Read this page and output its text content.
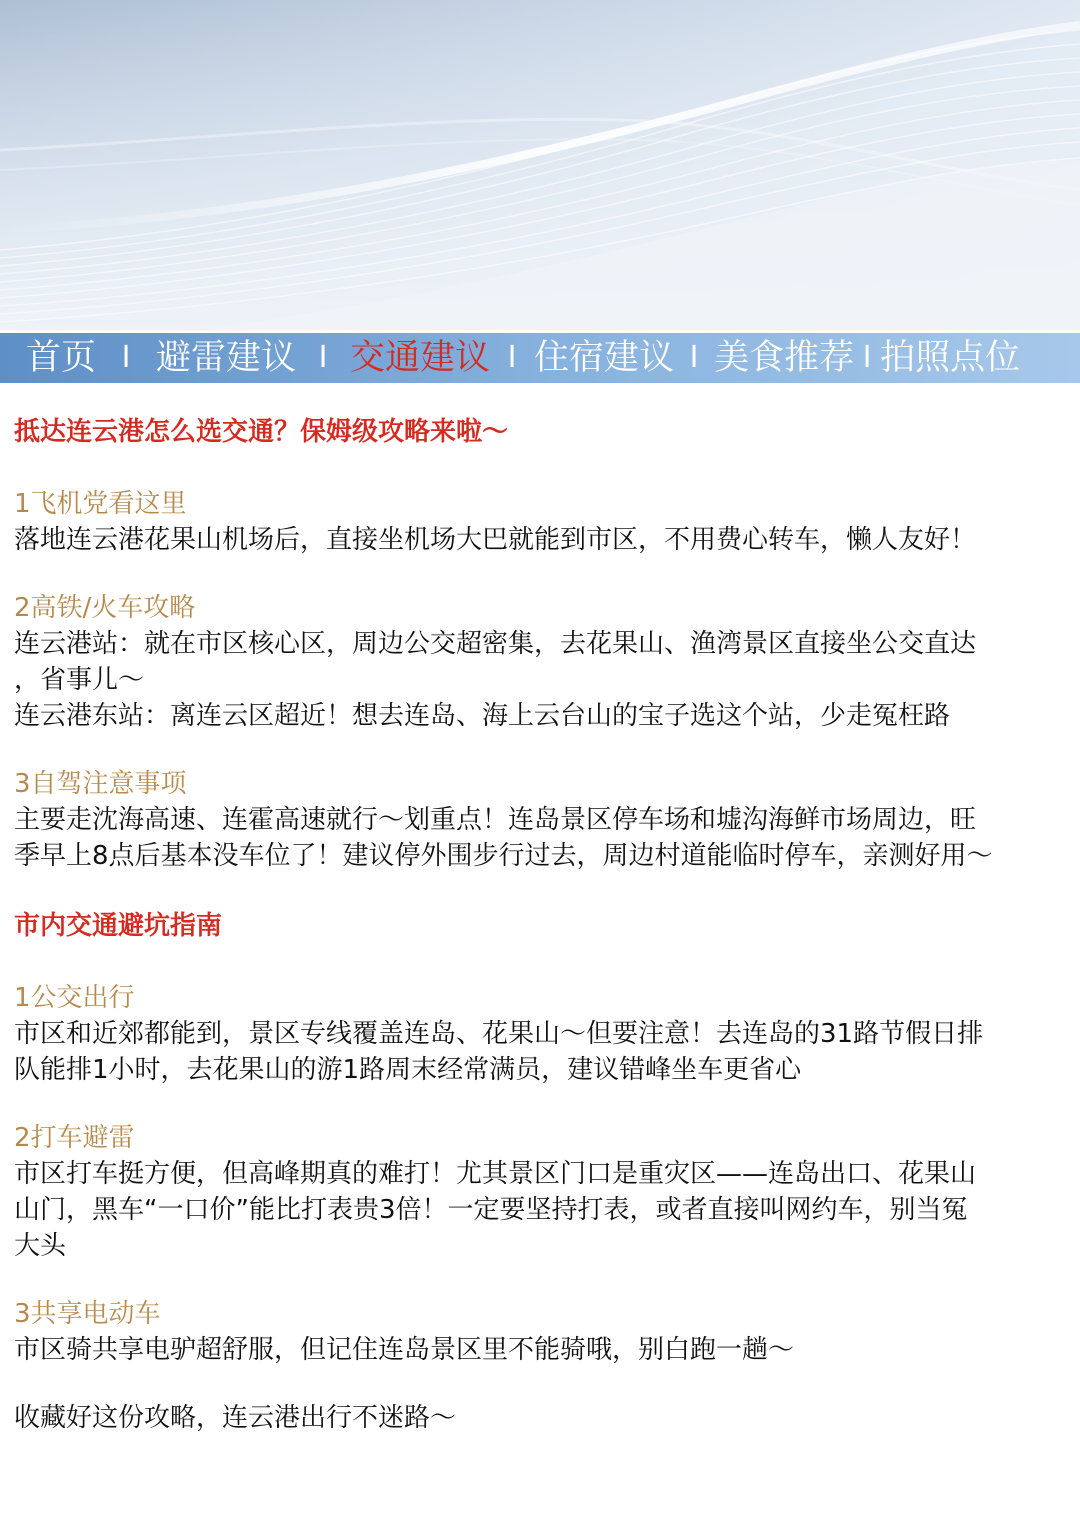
首页 I 避雷建议 I 交通建议 I 住宿建议 I 美食推荐 I 拍照点位
抵达连云港怎么选交通？保姆级攻略来啦～
1飞机党看这里
落地连云港花果山机场后，直接坐机场大巴就能到市区，不用费心转车，懒人友好！
2高铁/火车攻略
连云港站：就在市区核心区，周边公交超密集，去花果山、渔湾景区直接坐公交直达
，省事儿～
连云港东站：离连云区超近！想去连岛、海上云台山的宝子选这个站，少走冤枉路
3自驾注意事项
主要走沈海高速、连霍高速就行～划重点！连岛景区停车场和墟沟海鲜市场周边，旺
季早上8点后基本没车位了！建议停外围步行过去，周边村道能临时停车，亲测好用～
市内交通避坑指南
1公交出行
市区和近郊都能到，景区专线覆盖连岛、花果山～但要注意！去连岛的31路节假日排
队能排1小时，去花果山的游1路周末经常满员，建议错峰坐车更省心
2打车避雷
市区打车挺方便，但高峰期真的难打！尤其景区门口是重灾区——连岛出口、花果山
山门，黑车“一口价”能比打表贵3倍！一定要坚持打表，或者直接叫网约车，别当冤
大头
3共享电动车
市区骑共享电驴超舒服，但记住连岛景区里不能骑哦，别白跑一趟～
收藏好这份攻略，连云港出行不迷路～
